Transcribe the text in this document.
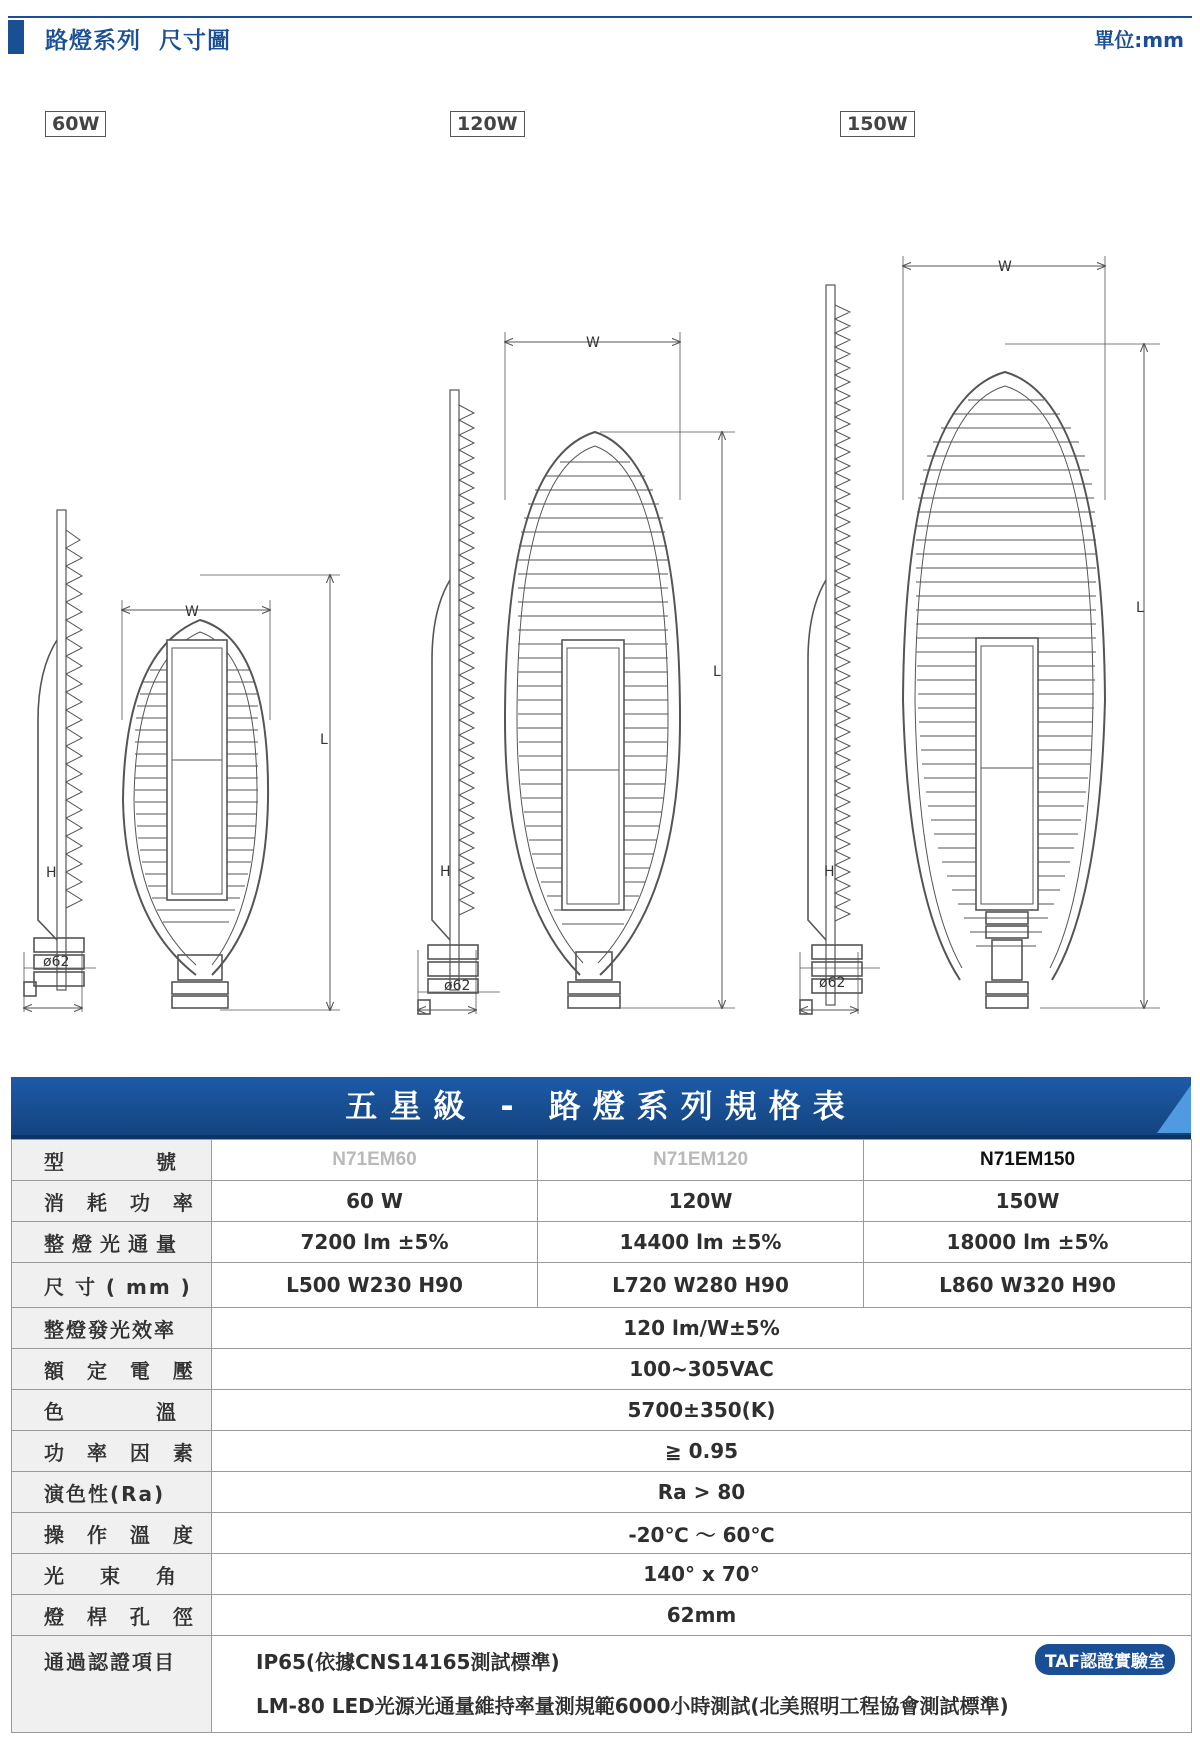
路燈系列  尺寸圖	單位:mm
60W	120W	150W
W
L
ø62
H
W
L
ø62
H
W
L
ø62
H
五星級 - 路燈系列規格表
型　　　號	N71EM60	N71EM120	N71EM150
消 耗 功 率	60 W	120W	150W
整燈光通量	7200 lm ±5%	14400 lm ±5%	18000 lm ±5%
尺 寸 ( mm )	L500 W230 H90	L720 W280 H90	L860 W320 H90
整燈發光效率	120 lm/W±5%		
額 定 電 壓	100~305VAC		
色　　　溫	5700±350(K)		
功 率 因 素	≧ 0.95		
演色性(Ra)	Ra > 80		
操 作 溫 度	-20℃ ～ 60℃		
光　束　角	140° x 70°		
燈 桿 孔 徑	62mm		
通過認證項目	IP65(依據CNS14165測試標準)
LM-80 LED光源光通量維持率量測規範6000小時測試(北美照明工程協會測試標準)
TAF認證實驗室		
